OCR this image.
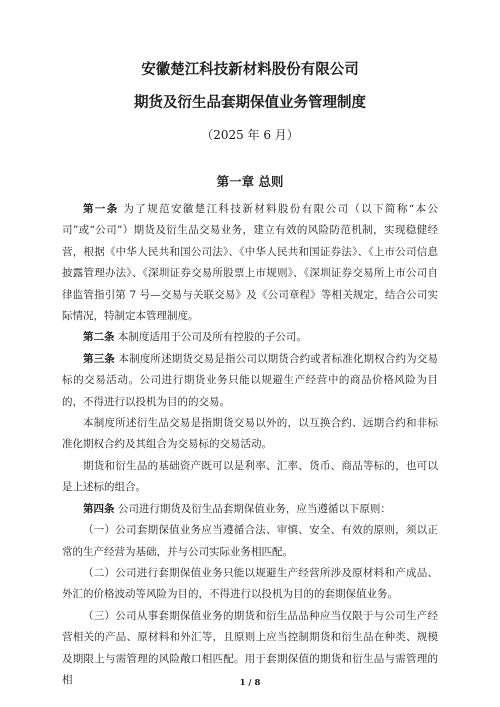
安徽楚江科技新材料股份有限公司
期货及衍生品套期保值业务管理制度
（2025 年 6 月）
第一章 总则

第一条 为了规范安徽楚江科技新材料股份有限公司（以下简称“本公司”或“公司”）期货及衍生品交易业务，建立有效的风险防范机制，实现稳健经营，根据《中华人民共和国公司法》、《中华人民共和国证券法》、《上市公司信息披露管理办法》、《深圳证券交易所股票上市规则》、《深圳证券交易所上市公司自律监管指引第 7 号—交易与关联交易》及《公司章程》等相关规定，结合公司实际情况，特制定本管理制度。

第二条 本制度适用于公司及所有控股的子公司。

第三条 本制度所述期货交易是指公司以期货合约或者标准化期权合约为交易标的交易活动。公司进行期货业务只能以规避生产经营中的商品价格风险为目的，不得进行以投机为目的的交易。

本制度所述衍生品交易是指期货交易以外的，以互换合约、远期合约和非标准化期权合约及其组合为交易标的交易活动。

期货和衍生品的基础资产既可以是利率、汇率、货币、商品等标的，也可以是上述标的组合。

第四条 公司进行期货及衍生品套期保值业务，应当遵循以下原则：

（一）公司套期保值业务应当遵循合法、审慎、安全、有效的原则，须以正常的生产经营为基础，并与公司实际业务相匹配。

（二）公司进行套期保值业务只能以规避生产经营所涉及原材料和产成品、外汇的价格波动等风险为目的，不得进行以投机为目的的套期保值业务。

（三）公司从事套期保值业务的期货和衍生品品种应当仅限于与公司生产经营相关的产品、原材料和外汇等，且原则上应当控制期货和衍生品在种类、规模及期限上与需管理的风险敞口相匹配。用于套期保值的期货和衍生品与需管理的相	1 / 8
